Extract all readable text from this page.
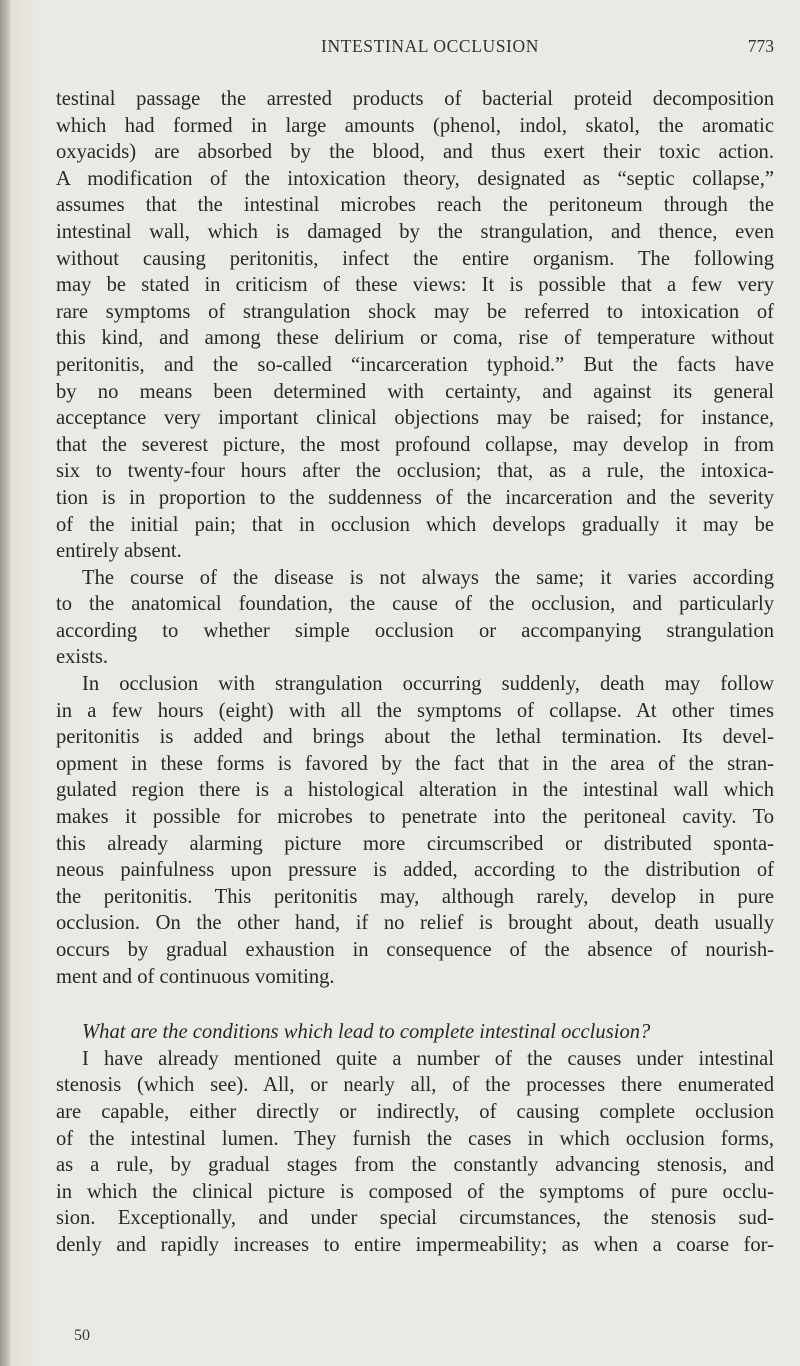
INTESTINAL OCCLUSION	773

testinal passage the arrested products of bacterial proteid decomposition
which had formed in large amounts (phenol, indol, skatol, the aromatic
oxyacids) are absorbed by the blood, and thus exert their toxic action.
A modification of the intoxication theory, designated as “septic collapse,”
assumes that the intestinal microbes reach the peritoneum through the
intestinal wall, which is damaged by the strangulation, and thence, even
without causing peritonitis, infect the entire organism. The following
may be stated in criticism of these views: It is possible that a few very
rare symptoms of strangulation shock may be referred to intoxication of
this kind, and among these delirium or coma, rise of temperature without
peritonitis, and the so-called “incarceration typhoid.” But the facts have
by no means been determined with certainty, and against its general
acceptance very important clinical objections may be raised; for instance,
that the severest picture, the most profound collapse, may develop in from
six to twenty-four hours after the occlusion; that, as a rule, the intoxica-
tion is in proportion to the suddenness of the incarceration and the severity
of the initial pain; that in occlusion which develops gradually it may be
entirely absent.

The course of the disease is not always the same; it varies according
to the anatomical foundation, the cause of the occlusion, and particularly
according to whether simple occlusion or accompanying strangulation
exists.

In occlusion with strangulation occurring suddenly, death may follow
in a few hours (eight) with all the symptoms of collapse. At other times
peritonitis is added and brings about the lethal termination. Its devel-
opment in these forms is favored by the fact that in the area of the stran-
gulated region there is a histological alteration in the intestinal wall which
makes it possible for microbes to penetrate into the peritoneal cavity. To
this already alarming picture more circumscribed or distributed sponta-
neous painfulness upon pressure is added, according to the distribution of
the peritonitis. This peritonitis may, although rarely, develop in pure
occlusion. On the other hand, if no relief is brought about, death usually
occurs by gradual exhaustion in consequence of the absence of nourish-
ment and of continuous vomiting.

What are the conditions which lead to complete intestinal occlusion?

I have already mentioned quite a number of the causes under intestinal
stenosis (which see). All, or nearly all, of the processes there enumerated
are capable, either directly or indirectly, of causing complete occlusion
of the intestinal lumen. They furnish the cases in which occlusion forms,
as a rule, by gradual stages from the constantly advancing stenosis, and
in which the clinical picture is composed of the symptoms of pure occlu-
sion. Exceptionally, and under special circumstances, the stenosis sud-
denly and rapidly increases to entire impermeability; as when a coarse for-

50
